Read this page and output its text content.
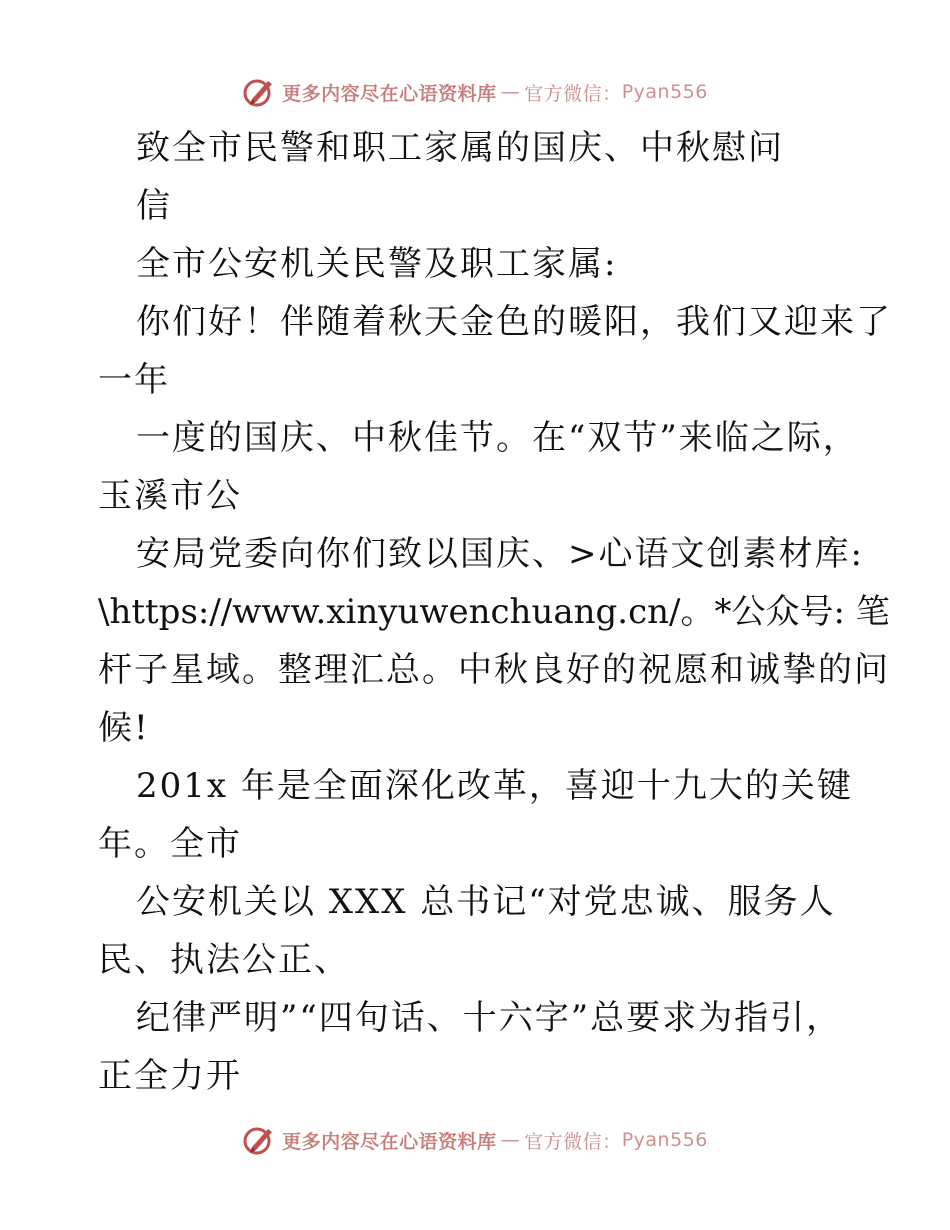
更多内容尽在心语资料库 — 官方微信： Pyan556
致全市民警和职工家属的国庆、中秋慰问
信
全市公安机关民警及职工家属:
你们好！伴随着秋天金色的暖阳，我们又迎来了
一年
一度的国庆、中秋佳节。在“双节”来临之际，
玉溪市公
安局党委向你们致以国庆、>心语文创素材库:
\https://www.xinyuwenchuang.cn/。*公众号: 笔
杆子星域。整理汇总。中秋良好的祝愿和诚挚的问
候!
201x 年是全面深化改革，喜迎十九大的关键
年。全市
公安机关以 XXX 总书记“对党忠诚、服务人
民、执法公正、
纪律严明”“四句话、十六字”总要求为指引，
正全力开
更多内容尽在心语资料库 — 官方微信： Pyan556
